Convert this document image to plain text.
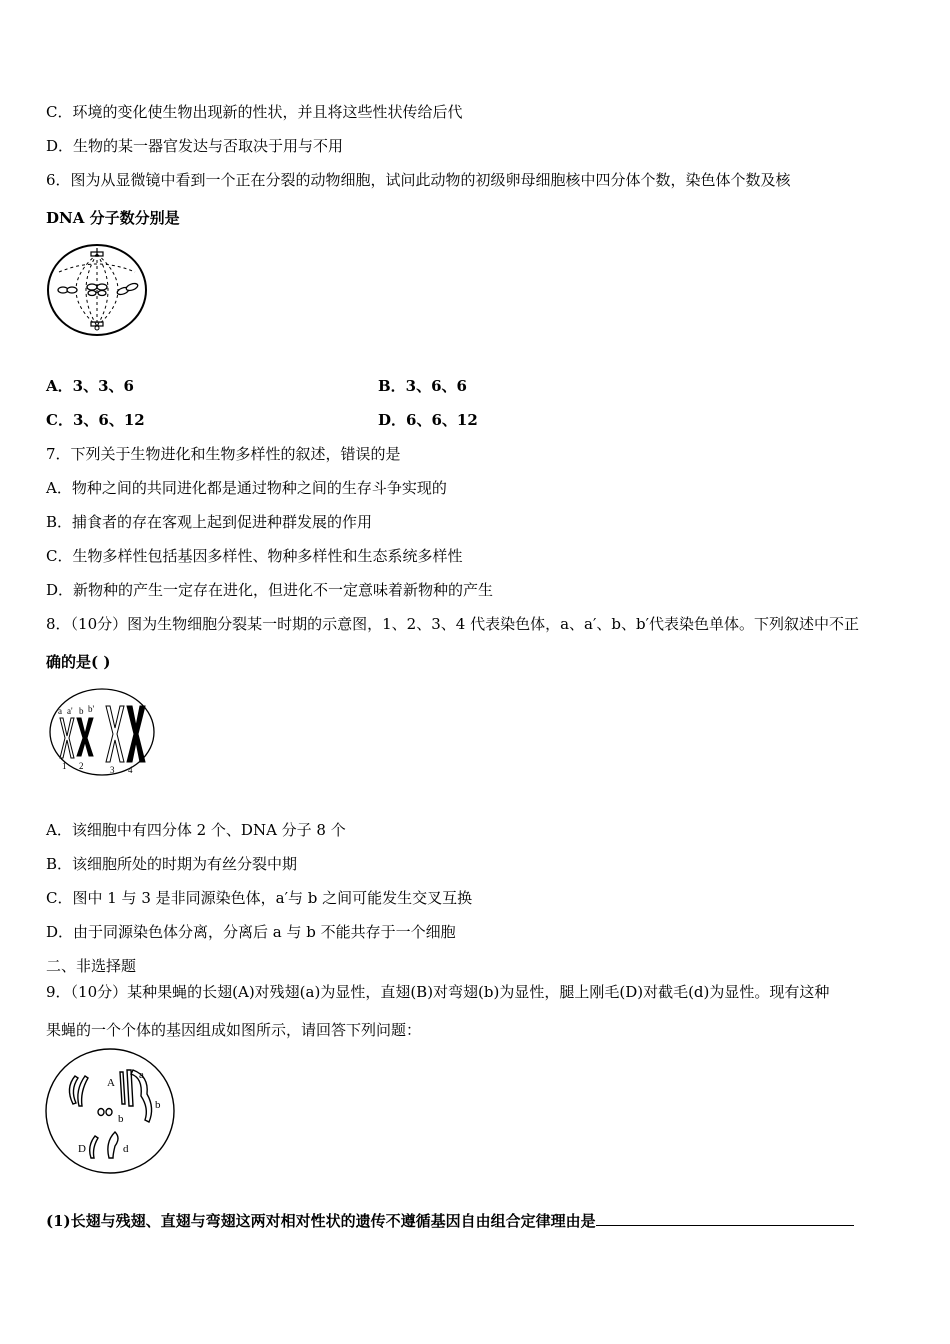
C．环境的变化使生物出现新的性状，并且将这些性状传给后代
D．生物的某一器官发达与否取决于用与不用
6．图为从显微镜中看到一个正在分裂的动物细胞，试问此动物的初级卵母细胞核中四分体个数，染色体个数及核
DNA 分子数分别是
A．3、3、6	B．3、6、6
C．3、6、12	D．6、6、12
7．下列关于生物进化和生物多样性的叙述，错误的是
A．物种之间的共同进化都是通过物种之间的生存斗争实现的
B．捕食者的存在客观上起到促进种群发展的作用
C．生物多样性包括基因多样性、物种多样性和生态系统多样性
D．新物种的产生一定存在进化，但进化不一定意味着新物种的产生
8．（10分）图为生物细胞分裂某一时期的示意图，1、2、3、4 代表染色体，a、a′、b、b′代表染色单体。下列叙述中不正
确的是( )
a a' b b'
1 2	3 4
A．该细胞中有四分体 2 个、DNA 分子 8 个
B．该细胞所处的时期为有丝分裂中期
C．图中 1 与 3 是非同源染色体，a′与 b 之间可能发生交叉互换
D．由于同源染色体分离，分离后 a 与 b 不能共存于一个细胞
二、非选择题
9．（10分）某种果蝇的长翅(A)对残翅(a)为显性，直翅(B)对弯翅(b)为显性，腿上刚毛(D)对截毛(d)为显性。现有这种
果蝇的一个个体的基因组成如图所示，请回答下列问题：
A
a
b
b
D	d
(1)长翅与残翅、直翅与弯翅这两对相对性状的遗传不遵循基因自由组合定律理由是
